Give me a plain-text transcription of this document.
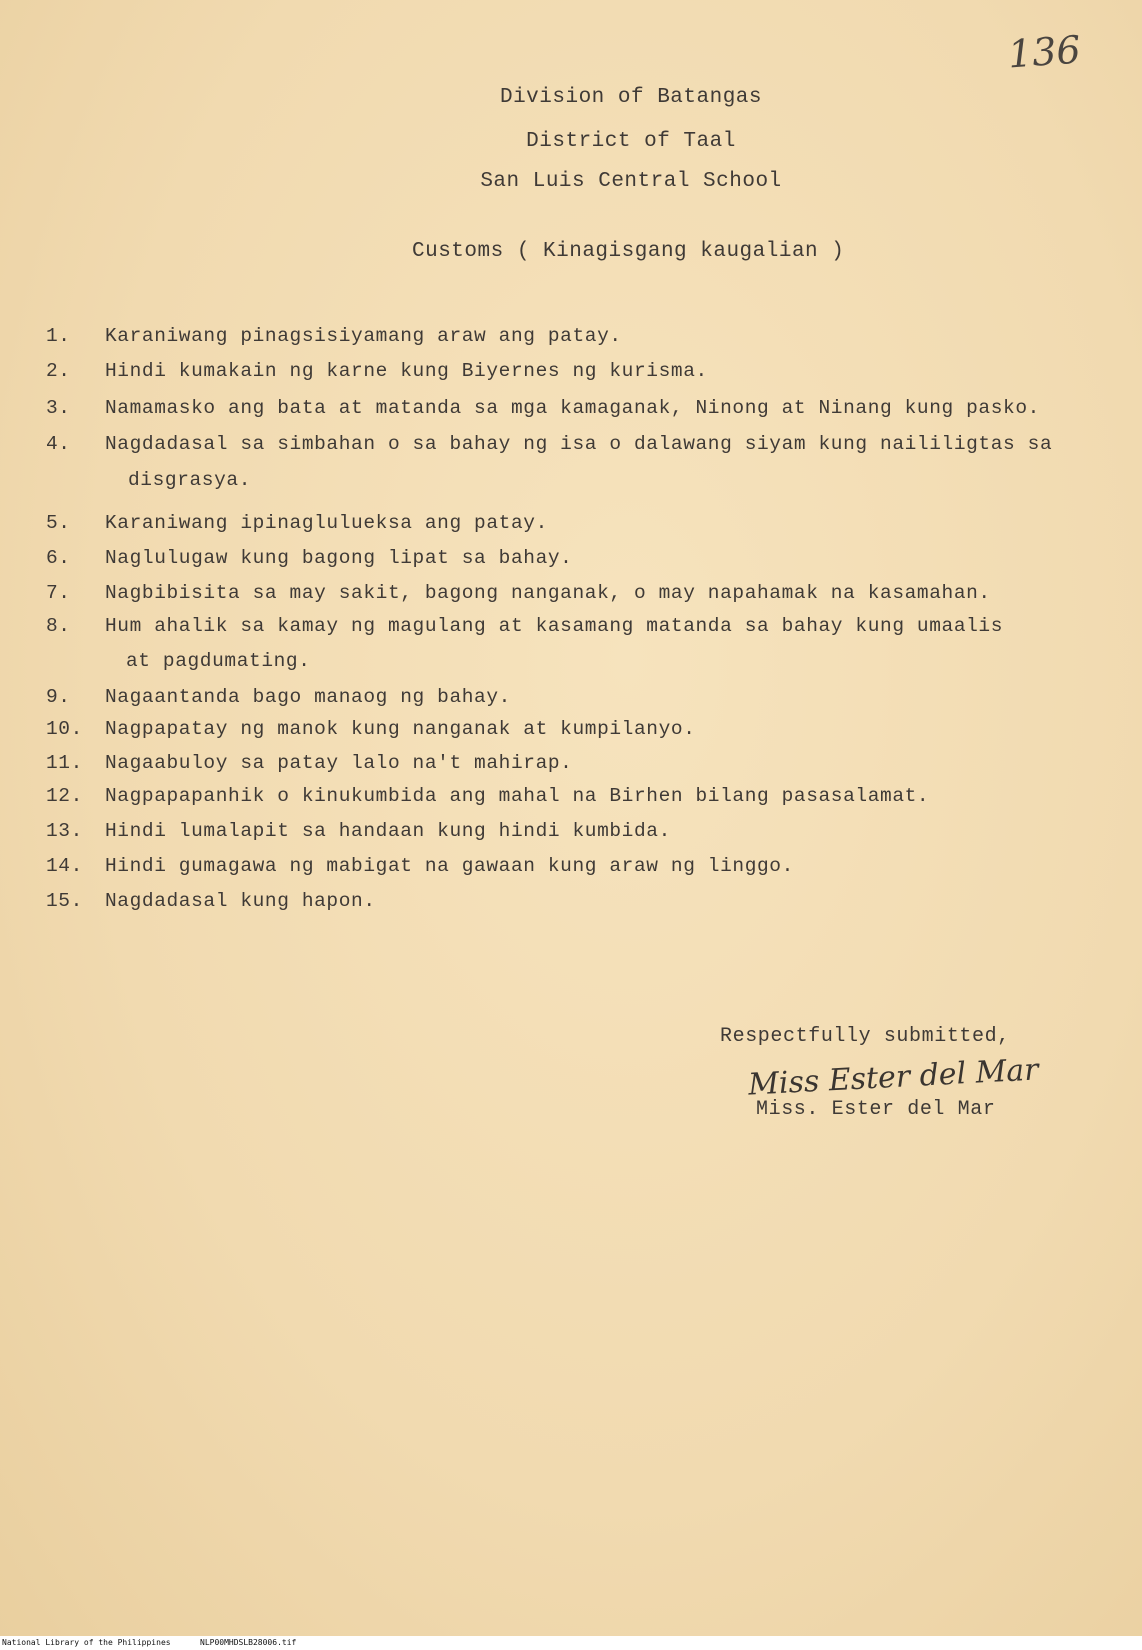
136
Division of Batangas
District of Taal
San Luis Central School
Customs ( Kinagisgang kaugalian )
1.	Karaniwang pinagsisiyamang araw ang patay.
2.	Hindi kumakain ng karne kung Biyernes ng kurisma.
3.	Namamasko ang bata at matanda sa mga kamaganak, Ninong at Ninang kung pasko.
4.	Nagdadasal sa simbahan o sa bahay ng isa o dalawang siyam kung naililigtas sa
disgrasya.
5.	Karaniwang ipinaglulueksa ang patay.
6.	Naglulugaw kung bagong lipat sa bahay.
7.	Nagbibisita sa may sakit, bagong nanganak, o may napahamak na kasamahan.
8.	Hum ahalik sa kamay ng magulang at kasamang matanda sa bahay kung umaalis
at pagdumating.
9.	Nagaantanda bago manaog ng bahay.
10. Nagpapatay ng manok kung nanganak at kumpilanyo.
11. Nagaabuloy sa patay lalo na't mahirap.
12. Nagpapapanhik o kinukumbida ang mahal na Birhen bilang pasasalamat.
13. Hindi lumalapit sa handaan kung hindi kumbida.
14. Hindi gumagawa ng mabigat na gawaan kung araw ng linggo.
15. Nagdadasal kung hapon.
Respectfully submitted,
Miss Ester del Mar
Miss. Ester del Mar
National Library of the Philippines	NLP00MHDSLB28006.tif
